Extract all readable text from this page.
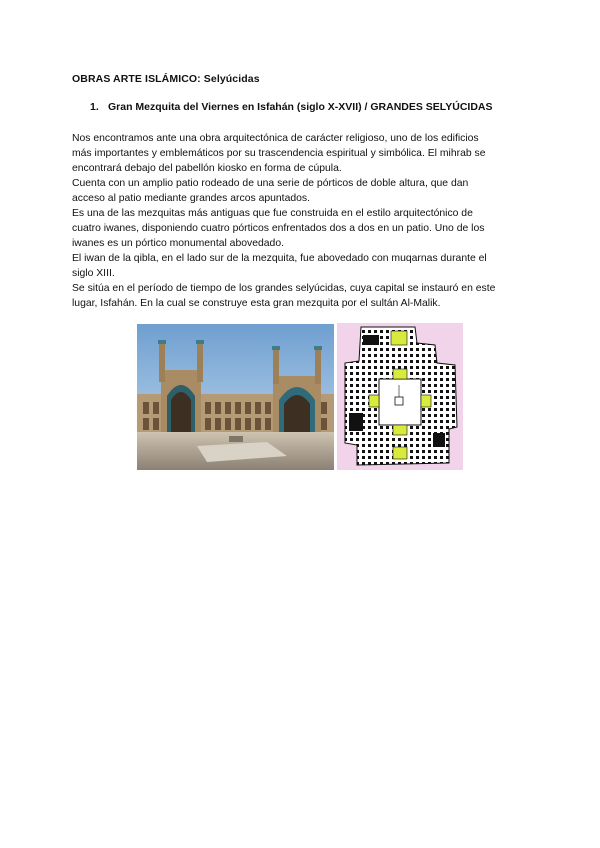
OBRAS ARTE ISLÁMICO: Selyúcidas
1. Gran Mezquita del Viernes en Isfahán (siglo X-XVII) / GRANDES SELYÚCIDAS

Nos encontramos ante una obra arquitectónica de carácter religioso, uno de los edificios

más importantes y emblemáticos por su trascendencia espiritual y simbólica. El mihrab se

encontrará debajo del pabellón kiosko en forma de cúpula.

Cuenta con un amplio patio rodeado de una serie de pórticos de doble altura, que dan

acceso al patio mediante grandes arcos apuntados.

Es una de las mezquitas más antiguas que fue construida en el estilo arquitectónico de

cuatro iwanes, disponiendo cuatro pórticos enfrentados dos a dos en un patio. Uno de los

iwanes es un pórtico monumental abovedado.

El iwan de la qibla, en el lado sur de la mezquita, fue abovedado con muqarnas durante el

siglo XIII.

Se sitúa en el período de tiempo de los grandes selyúcidas, cuya capital se instauró en este

lugar, Isfahán. En la cual se construye esta gran mezquita por el sultán Al-Malik.
